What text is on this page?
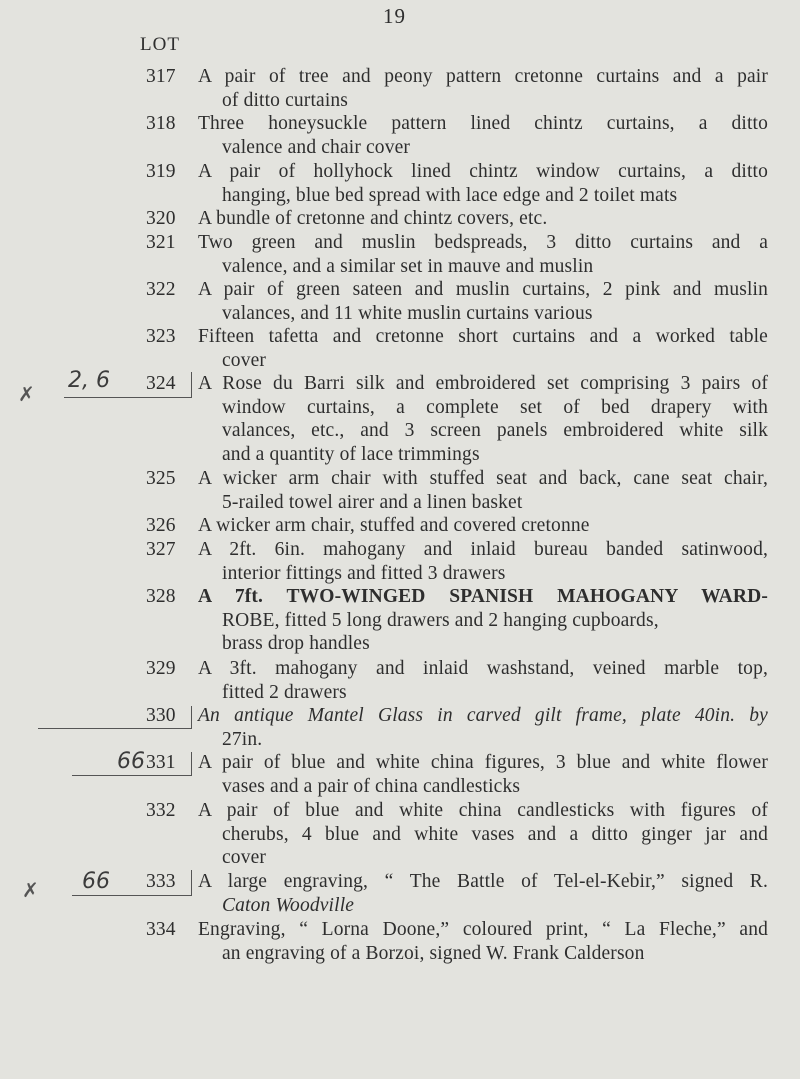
19
LOT
317	A pair of tree and peony pattern cretonne curtains and a pair
of ditto curtains
318	Three honeysuckle pattern lined chintz curtains, a ditto
valence and chair cover
319	A pair of hollyhock lined chintz window curtains, a ditto
hanging, blue bed spread with lace edge and 2 toilet mats
320	A bundle of cretonne and chintz covers, etc.
321	Two green and muslin bedspreads, 3 ditto curtains and a
valence, and a similar set in mauve and muslin
322	A pair of green sateen and muslin curtains, 2 pink and muslin
valances, and 11 white muslin curtains various
323	Fifteen tafetta and cretonne short curtains and a worked table
cover
324	A Rose du Barri silk and embroidered set comprising 3 pairs of
window curtains, a complete set of bed drapery with
valances, etc., and 3 screen panels embroidered white silk
and a quantity of lace trimmings
325	A wicker arm chair with stuffed seat and back, cane seat chair,
5-railed towel airer and a linen basket
326	A wicker arm chair, stuffed and covered cretonne
327	A 2ft. 6in. mahogany and inlaid bureau banded satinwood,
interior fittings and fitted 3 drawers
328	A 7ft. TWO-WINGED SPANISH MAHOGANY WARD-
ROBE, fitted 5 long drawers and 2 hanging cupboards,
brass drop handles
329	A 3ft. mahogany and inlaid washstand, veined marble top,
fitted 2 drawers
330	An antique Mantel Glass in carved gilt frame, plate 40in. by
27in.
331	A pair of blue and white china figures, 3 blue and white flower
vases and a pair of china candlesticks
332	A pair of blue and white china candlesticks with figures of
cherubs, 4 blue and white vases and a ditto ginger jar and
cover
333	A large engraving, “ The Battle of Tel-el-Kebir,” signed R.
Caton Woodville
334	Engraving, “ Lorna Doone,” coloured print, “ La Fleche,” and
an engraving of a Borzoi, signed W. Frank Calderson
✗
2, 6
66
✗ 66
